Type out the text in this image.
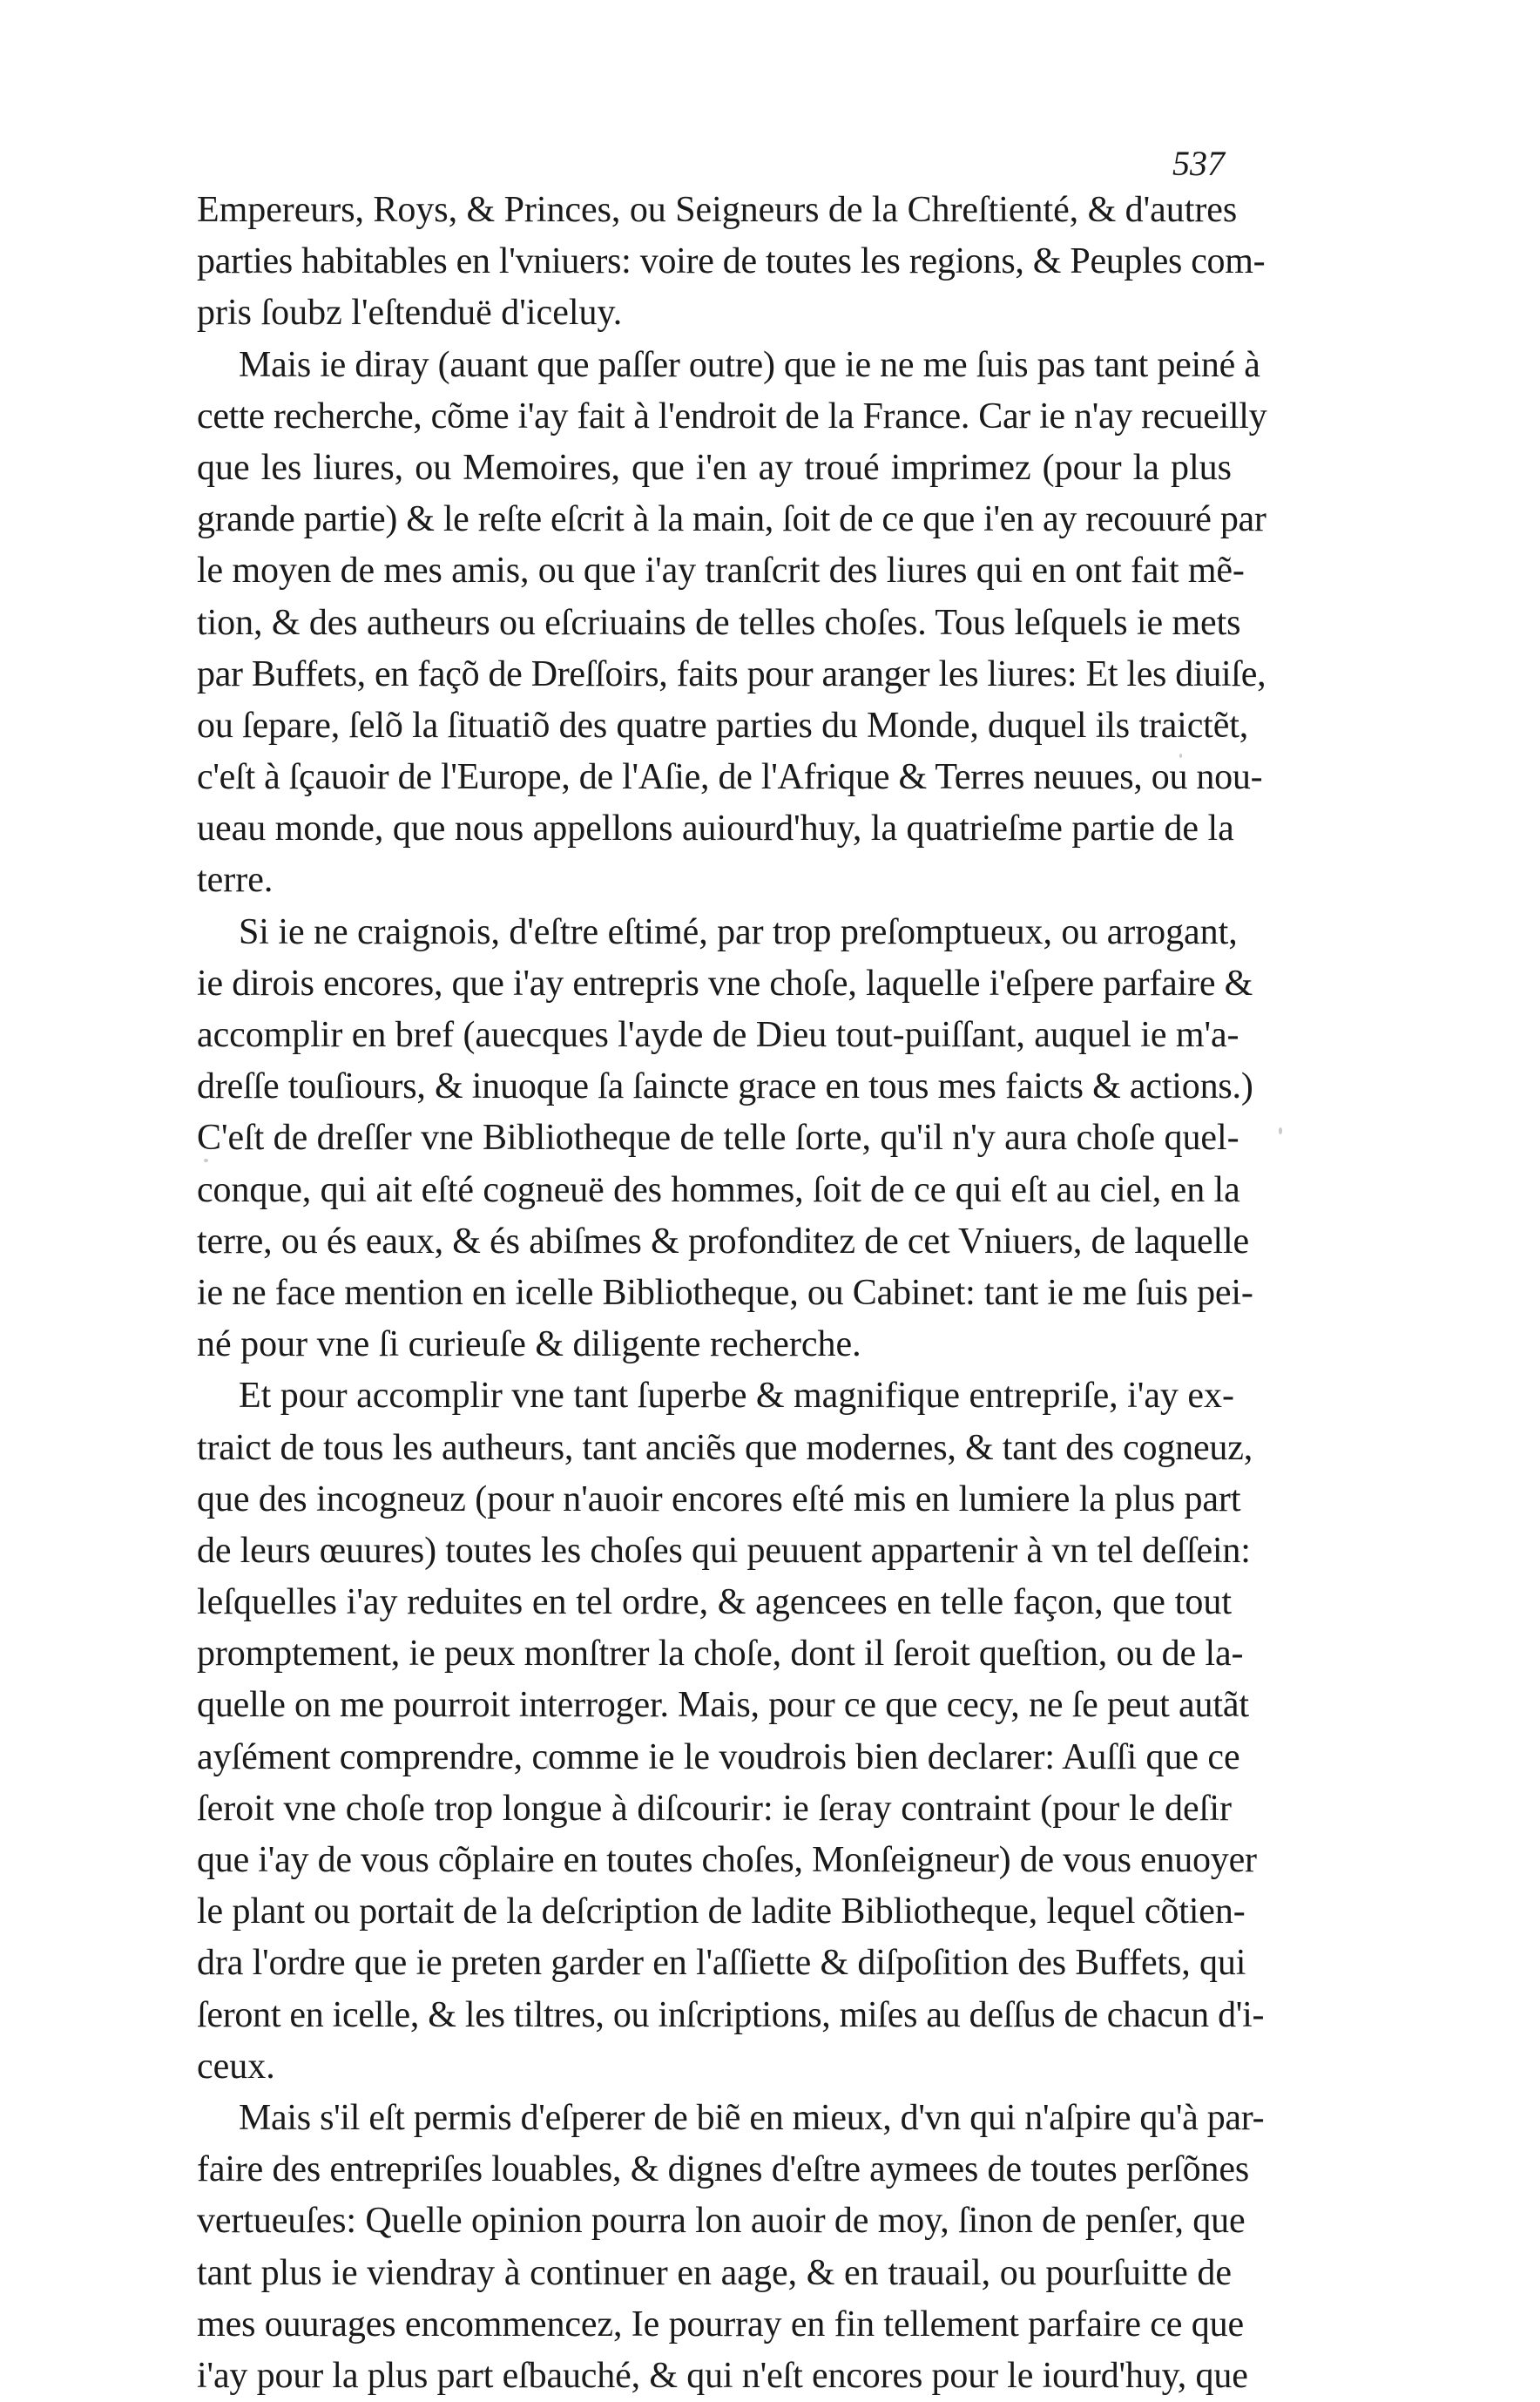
537
Empereurs, Roys, & Princes, ou Seigneurs de la Chreſtienté, & d'autres
parties habitables en l'vniuers: voire de toutes les regions, & Peuples com-
pris ſoubz l'eſtenduë d'iceluy.
Mais ie diray (auant que paſſer outre) que ie ne me ſuis pas tant peiné à
cette recherche, cõme i'ay fait à l'endroit de la France. Car ie n'ay recueilly
que les liures, ou Memoires, que i'en ay troué imprimez (pour la plus
grande partie) & le reſte eſcrit à la main, ſoit de ce que i'en ay recouuré par
le moyen de mes amis, ou que i'ay tranſcrit des liures qui en ont fait mẽ-
tion, & des autheurs ou eſcriuains de telles choſes. Tous leſquels ie mets
par Buffets, en façõ de Dreſſoirs, faits pour aranger les liures: Et les diuiſe,
ou ſepare, ſelõ la ſituatiõ des quatre parties du Monde, duquel ils traictẽt,
c'eſt à ſçauoir de l'Europe, de l'Aſie, de l'Afrique & Terres neuues, ou nou-
ueau monde, que nous appellons auiourd'huy, la quatrieſme partie de la
terre.
Si ie ne craignois, d'eſtre eſtimé, par trop preſomptueux, ou arrogant,
ie dirois encores, que i'ay entrepris vne choſe, laquelle i'eſpere parfaire &
accomplir en bref (auecques l'ayde de Dieu tout-puiſſant, auquel ie m'a-
dreſſe touſiours, & inuoque ſa ſaincte grace en tous mes faicts & actions.)
C'eſt de dreſſer vne Bibliotheque de telle ſorte, qu'il n'y aura choſe quel-
conque, qui ait eſté cogneuë des hommes, ſoit de ce qui eſt au ciel, en la
terre, ou és eaux, & és abiſmes & profonditez de cet Vniuers, de laquelle
ie ne face mention en icelle Bibliotheque, ou Cabinet: tant ie me ſuis pei-
né pour vne ſi curieuſe & diligente recherche.
Et pour accomplir vne tant ſuperbe & magnifique entrepriſe, i'ay ex-
traict de tous les autheurs, tant anciẽs que modernes, & tant des cogneuz,
que des incogneuz (pour n'auoir encores eſté mis en lumiere la plus part
de leurs œuures) toutes les choſes qui peuuent appartenir à vn tel deſſein:
leſquelles i'ay reduites en tel ordre, & agencees en telle façon, que tout
promptement, ie peux monſtrer la choſe, dont il ſeroit queſtion, ou de la-
quelle on me pourroit interroger. Mais, pour ce que cecy, ne ſe peut autãt
ayſément comprendre, comme ie le voudrois bien declarer: Auſſi que ce
ſeroit vne choſe trop longue à diſcourir: ie ſeray contraint (pour le deſir
que i'ay de vous cõplaire en toutes choſes, Monſeigneur) de vous enuoyer
le plant ou portait de la deſcription de ladite Bibliotheque, lequel cõtien-
dra l'ordre que ie preten garder en l'aſſiette & diſpoſition des Buffets, qui
ſeront en icelle, & les tiltres, ou inſcriptions, miſes au deſſus de chacun d'i-
ceux.
Mais s'il eſt permis d'eſperer de biẽ en mieux, d'vn qui n'aſpire qu'à par-
faire des entrepriſes louables, & dignes d'eſtre aymees de toutes perſõnes
vertueuſes: Quelle opinion pourra lon auoir de moy, ſinon de penſer, que
tant plus ie viendray à continuer en aage, & en trauail, ou pourſuitte de
mes ouurages encommencez, Ie pourray en fin tellement parfaire ce que
i'ay pour la plus part eſbauché, & qui n'eſt encores pour le iourd'huy, que
